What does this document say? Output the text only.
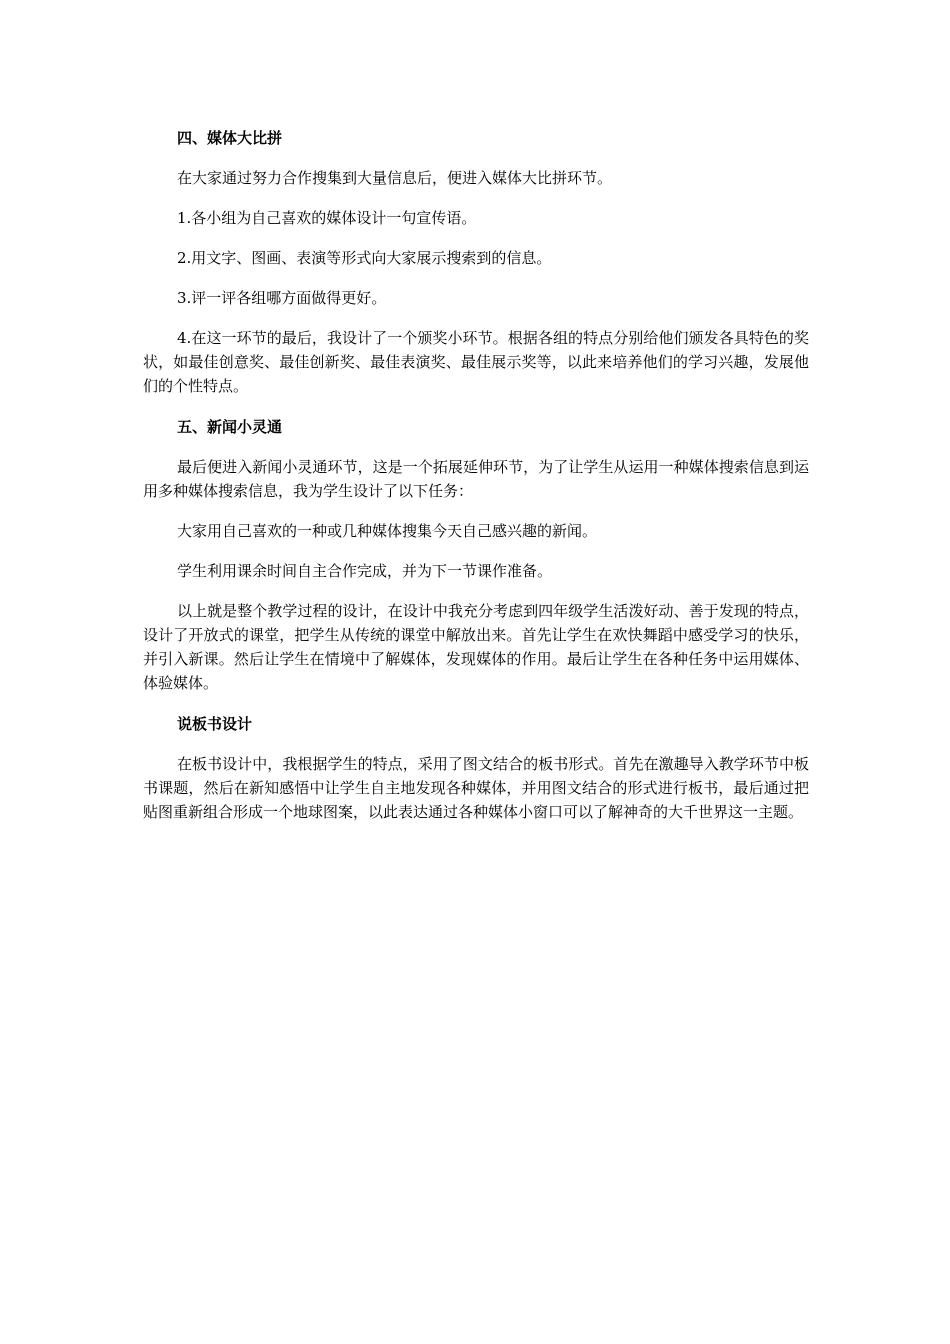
四、媒体大比拼

在大家通过努力合作搜集到大量信息后，便进入媒体大比拼环节。

1.各小组为自己喜欢的媒体设计一句宣传语。

2.用文字、图画、表演等形式向大家展示搜索到的信息。

3.评一评各组哪方面做得更好。

4.在这一环节的最后，我设计了一个颁奖小环节。根据各组的特点分别给他们颁发各具特色的奖状，如最佳创意奖、最佳创新奖、最佳表演奖、最佳展示奖等，以此来培养他们的学习兴趣，发展他们的个性特点。

五、新闻小灵通

最后便进入新闻小灵通环节，这是一个拓展延伸环节，为了让学生从运用一种媒体搜索信息到运用多种媒体搜索信息，我为学生设计了以下任务：

大家用自己喜欢的一种或几种媒体搜集今天自己感兴趣的新闻。

学生利用课余时间自主合作完成，并为下一节课作准备。

以上就是整个教学过程的设计，在设计中我充分考虑到四年级学生活泼好动、善于发现的特点，设计了开放式的课堂，把学生从传统的课堂中解放出来。首先让学生在欢快舞蹈中感受学习的快乐，并引入新课。然后让学生在情境中了解媒体，发现媒体的作用。最后让学生在各种任务中运用媒体、体验媒体。

说板书设计

在板书设计中，我根据学生的特点，采用了图文结合的板书形式。首先在激趣导入教学环节中板书课题，然后在新知感悟中让学生自主地发现各种媒体，并用图文结合的形式进行板书，最后通过把贴图重新组合形成一个地球图案，以此表达通过各种媒体小窗口可以了解神奇的大千世界这一主题。
